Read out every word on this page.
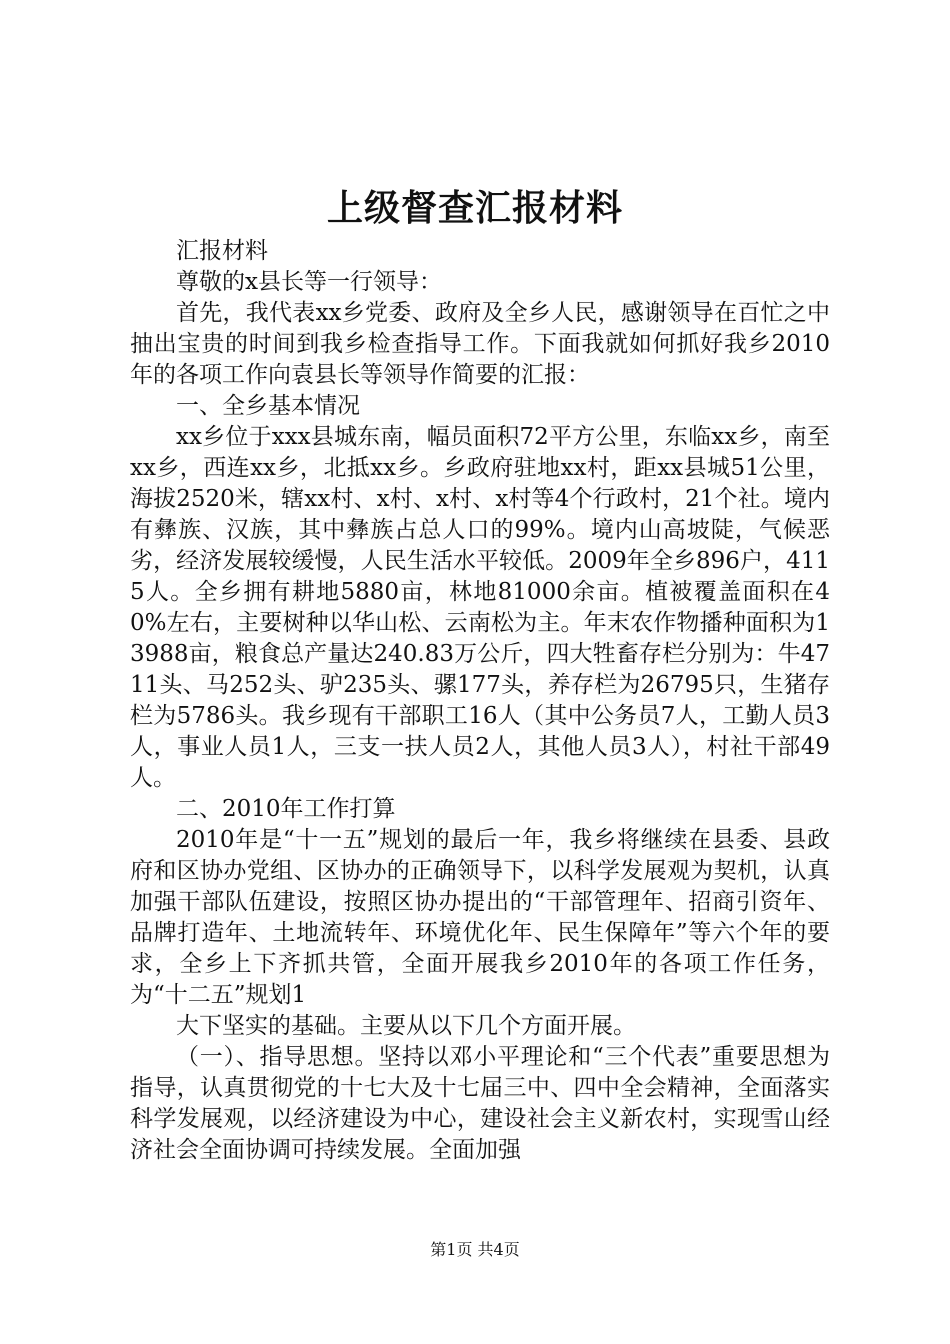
上级督查汇报材料

汇报材料

尊敬的x县长等一行领导：

首先，我代表xx乡党委、政府及全乡人民，感谢领导在百忙之中抽出宝贵的时间到我乡检查指导工作。下面我就如何抓好我乡2010年的各项工作向袁县长等领导作简要的汇报：

一、全乡基本情况

xx乡位于xxx县城东南，幅员面积72平方公里，东临xx乡，南至xx乡，西连xx乡，北抵xx乡。乡政府驻地xx村，距xx县城51公里，海拔2520米，辖xx村、x村、x村、x村等4个行政村，21个社。境内有彝族、汉族，其中彝族占总人口的99%。境内山高坡陡，气候恶劣，经济发展较缓慢，人民生活水平较低。2009年全乡896户，4115人。全乡拥有耕地5880亩，林地81000余亩。植被覆盖面积在40%左右，主要树种以华山松、云南松为主。年末农作物播种面积为13988亩，粮食总产量达240.83万公斤，四大牲畜存栏分别为：牛4711头、马252头、驴235头、骡177头，养存栏为26795只，生猪存栏为5786头。我乡现有干部职工16人（其中公务员7人，工勤人员3人，事业人员1人，三支一扶人员2人，其他人员3人），村社干部49人。

二、2010年工作打算

2010年是“十一五”规划的最后一年，我乡将继续在县委、县政府和区协办党组、区协办的正确领导下，以科学发展观为契机，认真加强干部队伍建设，按照区协办提出的“干部管理年、招商引资年、品牌打造年、土地流转年、环境优化年、民生保障年”等六个年的要求，全乡上下齐抓共管，全面开展我乡2010年的各项工作任务，为“十二五”规划1

大下坚实的基础。主要从以下几个方面开展。

（一）、指导思想。坚持以邓小平理论和“三个代表”重要思想为指导，认真贯彻党的十七大及十七届三中、四中全会精神，全面落实科学发展观，以经济建设为中心，建设社会主义新农村，实现雪山经济社会全面协调可持续发展。全面加强

第1页 共4页
